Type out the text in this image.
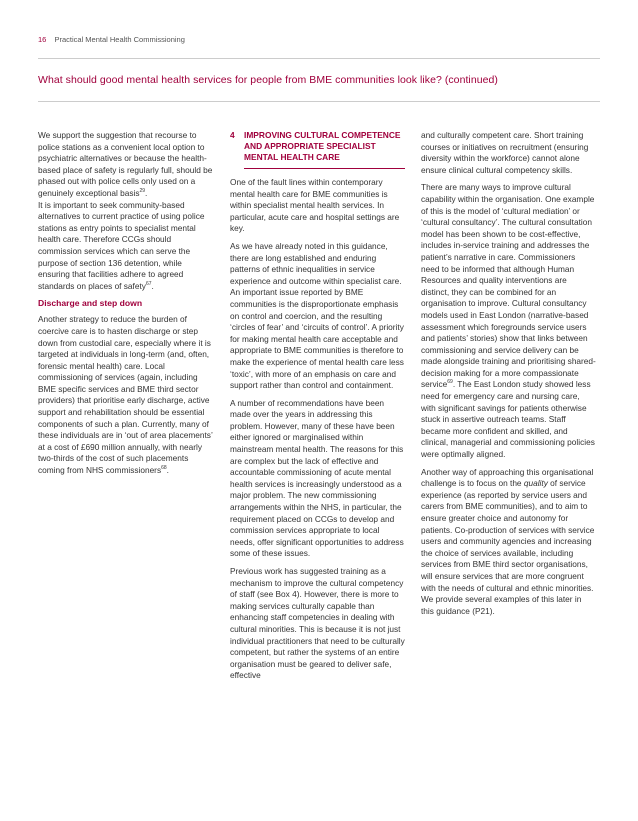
16 Practical Mental Health Commissioning
What should good mental health services for people from BME communities look like? (continued)

We support the suggestion that recourse to police stations as a convenient local option to psychiatric alternatives or because the health-based place of safety is regularly full, should be phased out with police cells only used on a genuinely exceptional basis$^{29}$.

It is important to seek community-based alternatives to current practice of using police stations as entry points to specialist mental health care. Therefore CCGs should commission services which can serve the purpose of section 136 detention, while ensuring that facilities adhere to agreed standards on places of safety$^{67}$.

Discharge and step down

Another strategy to reduce the burden of coercive care is to hasten discharge or step down from custodial care, especially where it is targeted at individuals in long-term (and, often, forensic mental health) care. Local commissioning of services (again, including BME specific services and BME third sector providers) that prioritise early discharge, active support and rehabilitation should be essential components of such a plan. Currently, many of these individuals are in ‘out of area placements’ at a cost of £690 million annually, with nearly two-thirds of the cost of such placements coming from NHS commissioners$^{68}$.

4	IMPROVING CULTURAL COMPETENCE AND APPROPRIATE SPECIALIST MENTAL HEALTH CARE

One of the fault lines within contemporary mental health care for BME communities is within specialist mental health services. In particular, acute care and hospital settings are key.

As we have already noted in this guidance, there are long established and enduring patterns of ethnic inequalities in service experience and outcome within specialist care. An important issue reported by BME communities is the disproportionate emphasis on control and coercion, and the resulting ‘circles of fear’ and ‘circuits of control’. A priority for making mental health care acceptable and appropriate to BME communities is therefore to make the experience of mental health care less ‘toxic’, with more of an emphasis on care and support rather than control and containment.

A number of recommendations have been made over the years in addressing this problem. However, many of these have been either ignored or marginalised within mainstream mental health. The reasons for this are complex but the lack of effective and accountable commissioning of acute mental health services is increasingly understood as a major problem. The new commissioning arrangements within the NHS, in particular, the requirement placed on CCGs to develop and commission services appropriate to local needs, offer significant opportunities to address some of these issues.

Previous work has suggested training as a mechanism to improve the cultural competency of staff (see Box 4). However, there is more to making services culturally capable than enhancing staff competencies in dealing with cultural minorities. This is because it is not just individual practitioners that need to be culturally competent, but rather the systems of an entire organisation must be geared to deliver safe, effective

and culturally competent care. Short training courses or initiatives on recruitment (ensuring diversity within the workforce) cannot alone ensure clinical cultural competency skills.

There are many ways to improve cultural capability within the organisation. One example of this is the model of ‘cultural mediation’ or ‘cultural consultancy’. The cultural consultation model has been shown to be cost-effective, includes in-service training and addresses the patient’s narrative in care. Commissioners need to be informed that although Human Resources and quality interventions are distinct, they can be combined for an organisation to improve. Cultural consultancy models used in East London (narrative-based assessment which foregrounds service users and patients’ stories) show that links between commissioning and service delivery can be made alongside training and prioritising shared-decision making for a more compassionate service$^{69}$. The East London study showed less need for emergency care and nursing care, with significant savings for patients otherwise stuck in assertive outreach teams. Staff became more confident and skilled, and clinical, managerial and commissioning policies were optimally aligned.

Another way of approaching this organisational challenge is to focus on the quality of service experience (as reported by service users and carers from BME communities), and to aim to ensure greater choice and autonomy for patients. Co-production of services with service users and community agencies and increasing the choice of services available, including services from BME third sector organisations, will ensure services that are more congruent with the needs of cultural and ethnic minorities. We provide several examples of this later in this guidance (P21).
